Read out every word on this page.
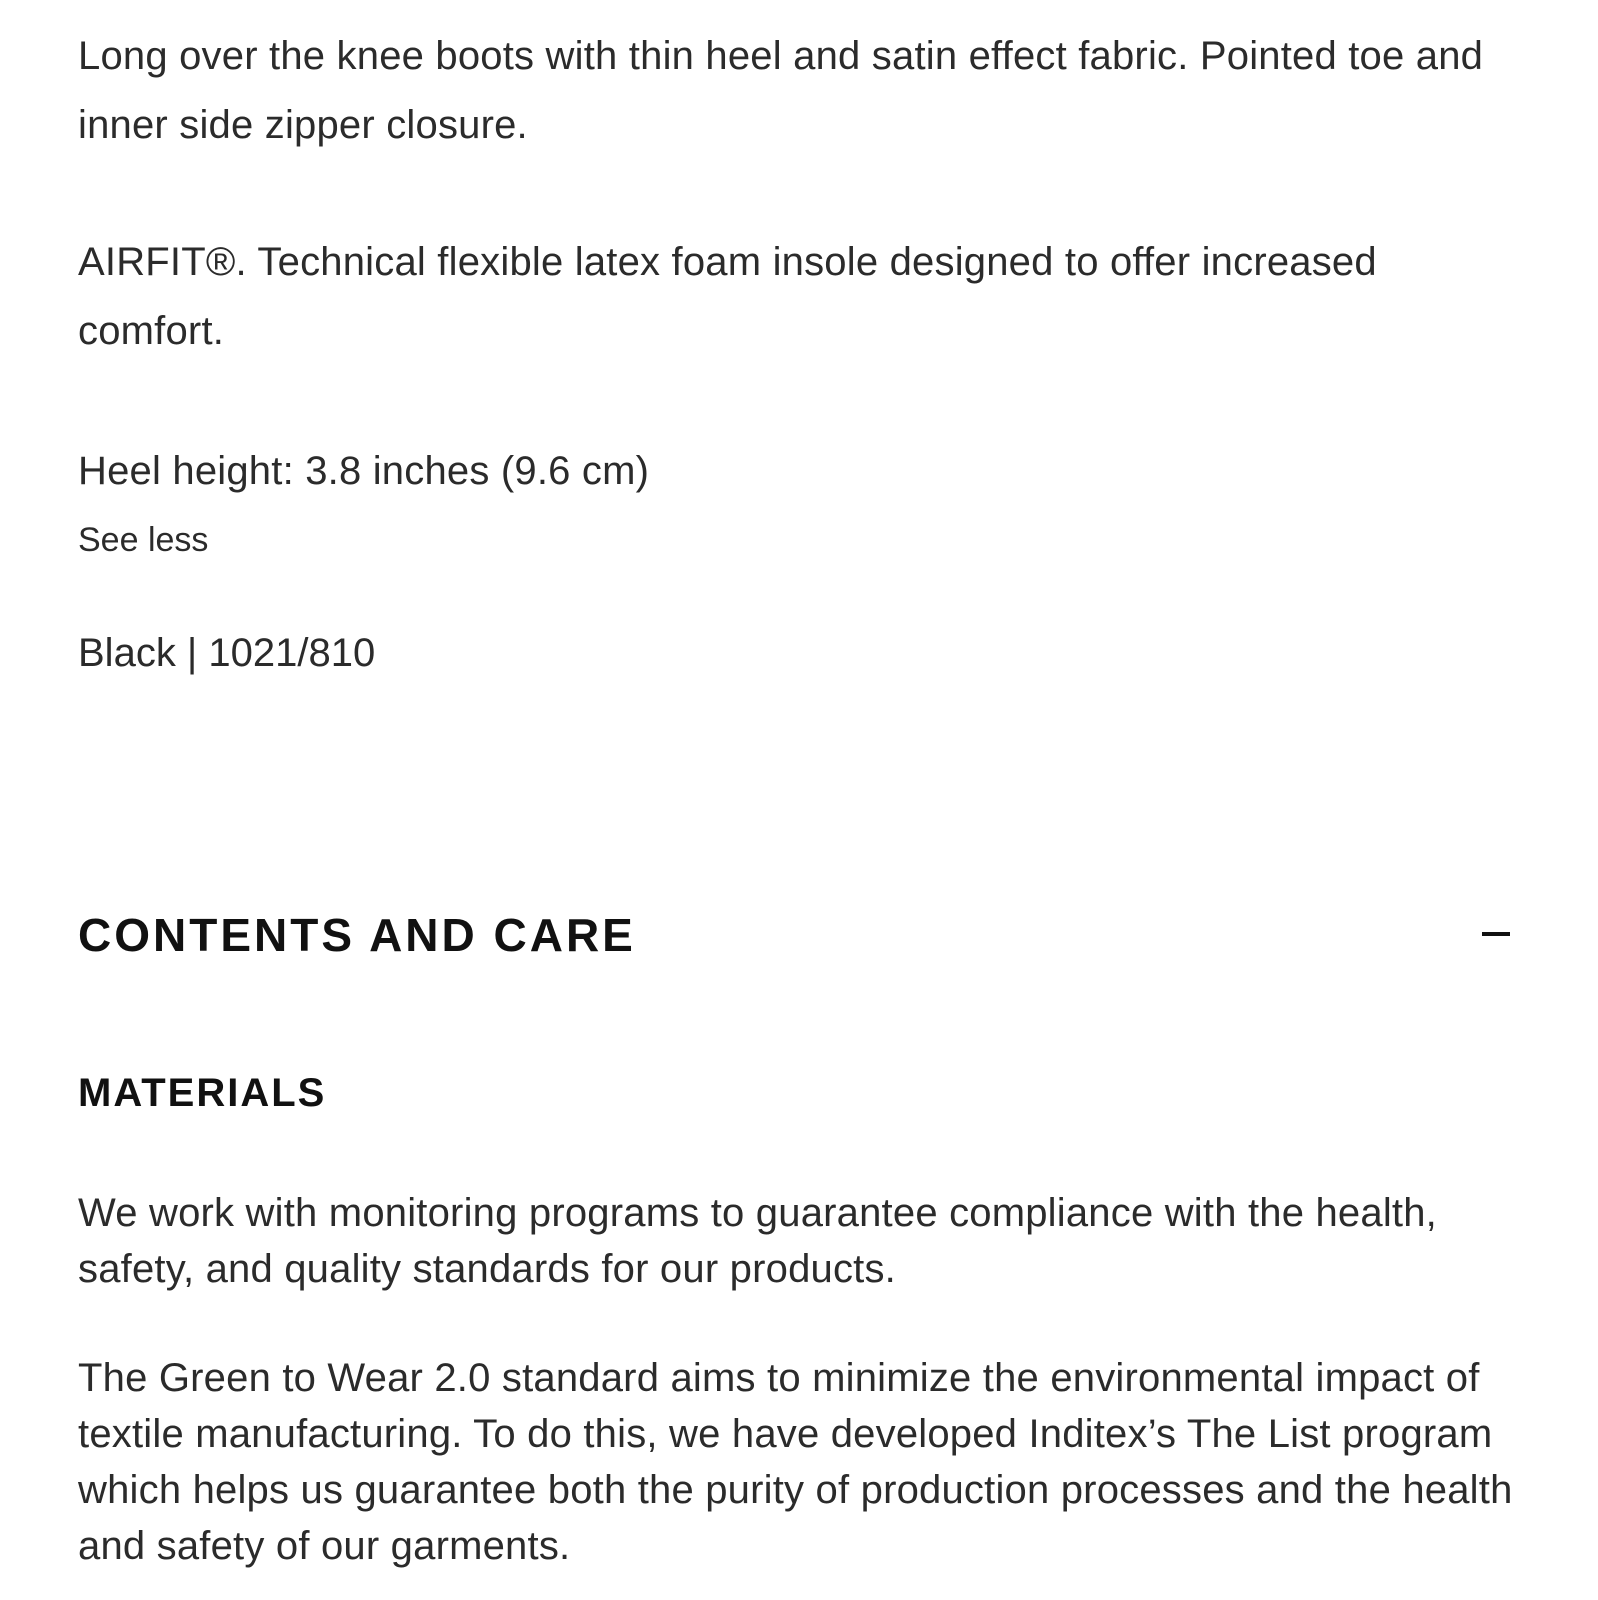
Long over the knee boots with thin heel and satin effect fabric. Pointed toe and inner side zipper closure.

AIRFIT®. Technical flexible latex foam insole designed to offer increased comfort.

Heel height: 3.8 inches (9.6 cm)

See less
Black | 1021/810
CONTENTS AND CARE
MATERIALS

We work with monitoring programs to guarantee compliance with the health, safety, and quality standards for our products.

The Green to Wear 2.0 standard aims to minimize the environmental impact of textile manufacturing. To do this, we have developed Inditex’s The List program which helps us guarantee both the purity of production processes and the health and safety of our garments.
